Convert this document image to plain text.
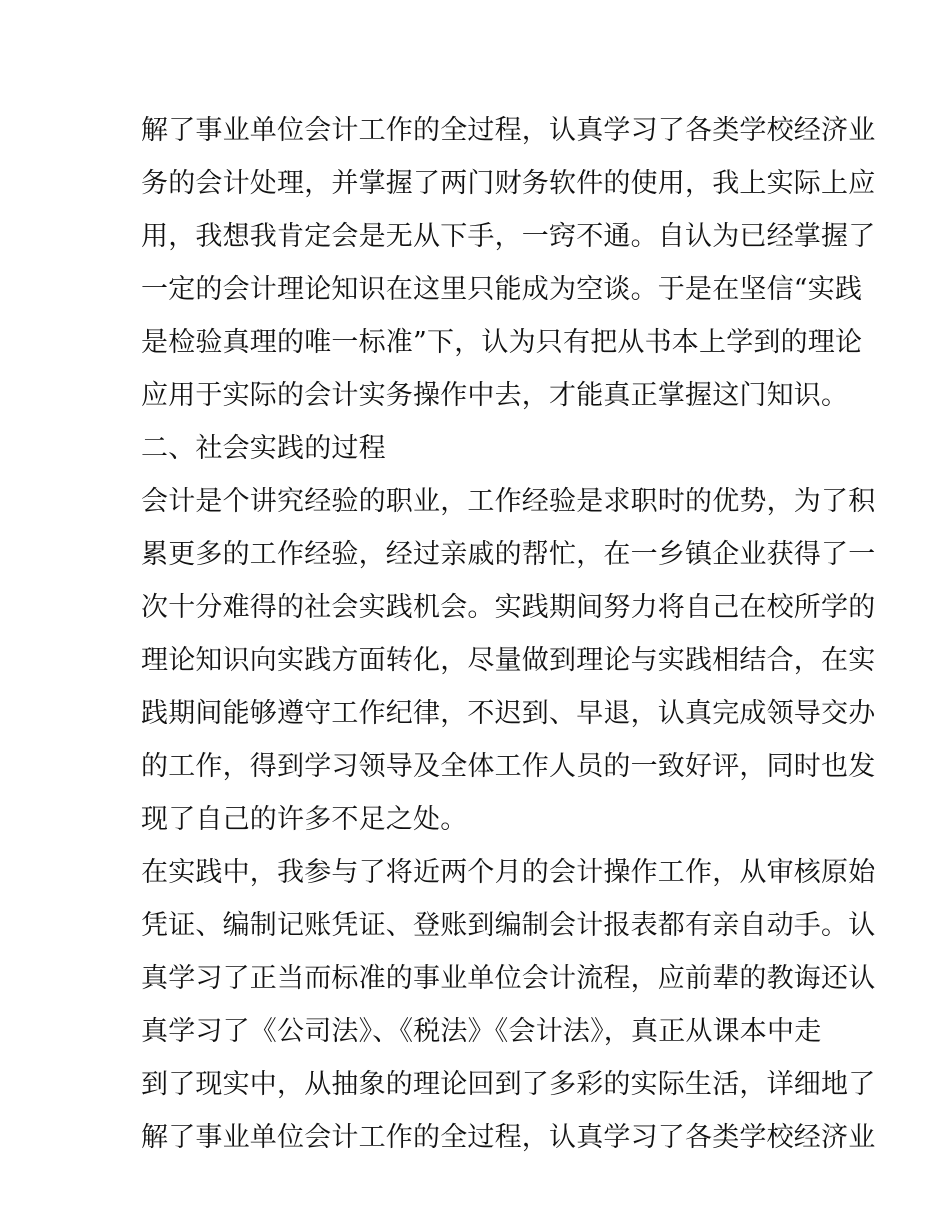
解了事业单位会计工作的全过程，认真学习了各类学校经济业
务的会计处理，并掌握了两门财务软件的使用，我上实际上应
用，我想我肯定会是无从下手，一窍不通。自认为已经掌握了
一定的会计理论知识在这里只能成为空谈。于是在坚信“实践
是检验真理的唯一标准”下，认为只有把从书本上学到的理论
应用于实际的会计实务操作中去，才能真正掌握这门知识。
二、社会实践的过程
会计是个讲究经验的职业，工作经验是求职时的优势，为了积
累更多的工作经验，经过亲戚的帮忙，在一乡镇企业获得了一
次十分难得的社会实践机会。实践期间努力将自己在校所学的
理论知识向实践方面转化，尽量做到理论与实践相结合，在实
践期间能够遵守工作纪律，不迟到、早退，认真完成领导交办
的工作，得到学习领导及全体工作人员的一致好评，同时也发
现了自己的许多不足之处。
在实践中，我参与了将近两个月的会计操作工作，从审核原始
凭证、编制记账凭证、登账到编制会计报表都有亲自动手。认
真学习了正当而标准的事业单位会计流程，应前辈的教诲还认
真学习了《公司法》、《税法》《会计法》，真正从课本中走
到了现实中，从抽象的理论回到了多彩的实际生活，详细地了
解了事业单位会计工作的全过程，认真学习了各类学校经济业
